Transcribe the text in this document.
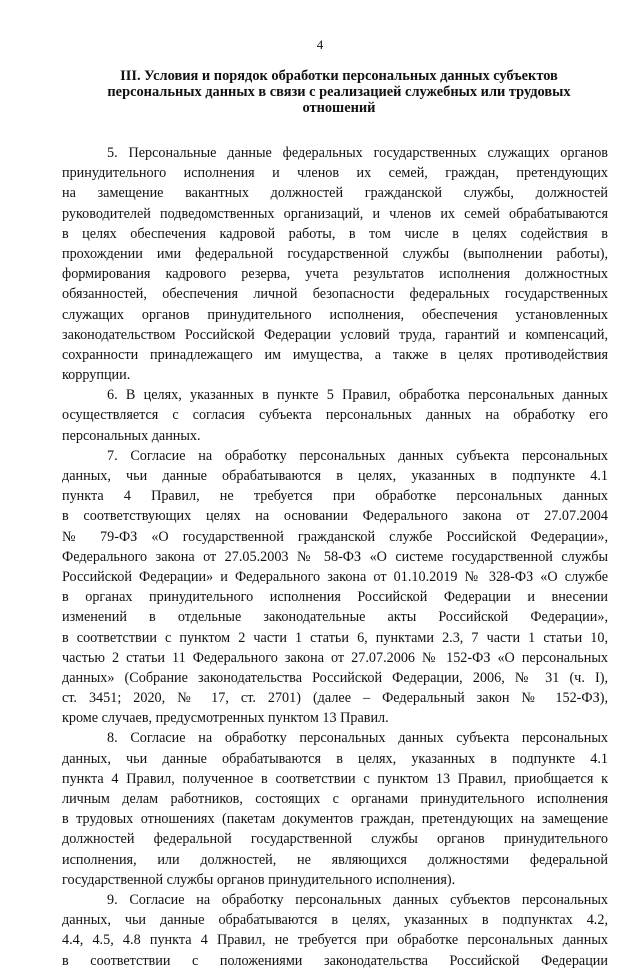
4
III. Условия и порядок обработки персональных данных субъектов
персональных данных в связи с реализацией служебных или трудовых
отношений
5. Персональные данные федеральных государственных служащих органов
принудительного исполнения и членов их семей, граждан, претендующих
на замещение вакантных должностей гражданской службы, должностей
руководителей подведомственных организаций, и членов их семей обрабатываются
в целях обеспечения кадровой работы, в том числе в целях содействия в
прохождении ими федеральной государственной службы (выполнении работы),
формирования кадрового резерва, учета результатов исполнения должностных
обязанностей, обеспечения личной безопасности федеральных государственных
служащих органов принудительного исполнения, обеспечения установленных
законодательством Российской Федерации условий труда, гарантий и компенсаций,
сохранности принадлежащего им имущества, а также в целях противодействия
коррупции.
6. В целях, указанных в пункте 5 Правил, обработка персональных данных
осуществляется с согласия субъекта персональных данных на обработку его
персональных данных.
7. Согласие на обработку персональных данных субъекта персональных
данных, чьи данные обрабатываются в целях, указанных в подпункте 4.1
пункта 4 Правил, не требуется при обработке персональных данных
в соответствующих целях на основании Федерального закона от 27.07.2004
№ 79-ФЗ «О государственной гражданской службе Российской Федерации»,
Федерального закона от 27.05.2003 № 58-ФЗ «О системе государственной службы
Российской Федерации» и Федерального закона от 01.10.2019 № 328-ФЗ «О службе
в органах принудительного исполнения Российской Федерации и внесении
изменений в отдельные законодательные акты Российской Федерации»,
в соответствии с пунктом 2 части 1 статьи 6, пунктами 2.3, 7 части 1 статьи 10,
частью 2 статьи 11 Федерального закона от 27.07.2006 № 152-ФЗ «О персональных
данных» (Собрание законодательства Российской Федерации, 2006, № 31 (ч. I),
ст. 3451; 2020, № 17, ст. 2701) (далее – Федеральный закон № 152-ФЗ),
кроме случаев, предусмотренных пунктом 13 Правил.
8. Согласие на обработку персональных данных субъекта персональных
данных, чьи данные обрабатываются в целях, указанных в подпункте 4.1
пункта 4 Правил, полученное в соответствии с пунктом 13 Правил, приобщается к
личным делам работников, состоящих с органами принудительного исполнения
в трудовых отношениях (пакетам документов граждан, претендующих на замещение
должностей федеральной государственной службы органов принудительного
исполнения, или должностей, не являющихся должностями федеральной
государственной службы органов принудительного исполнения).
9. Согласие на обработку персональных данных субъектов персональных
данных, чьи данные обрабатываются в целях, указанных в подпунктах 4.2,
4.4, 4.5, 4.8 пункта 4 Правил, не требуется при обработке персональных данных
в соответствии с положениями законодательства Российской Федерации
